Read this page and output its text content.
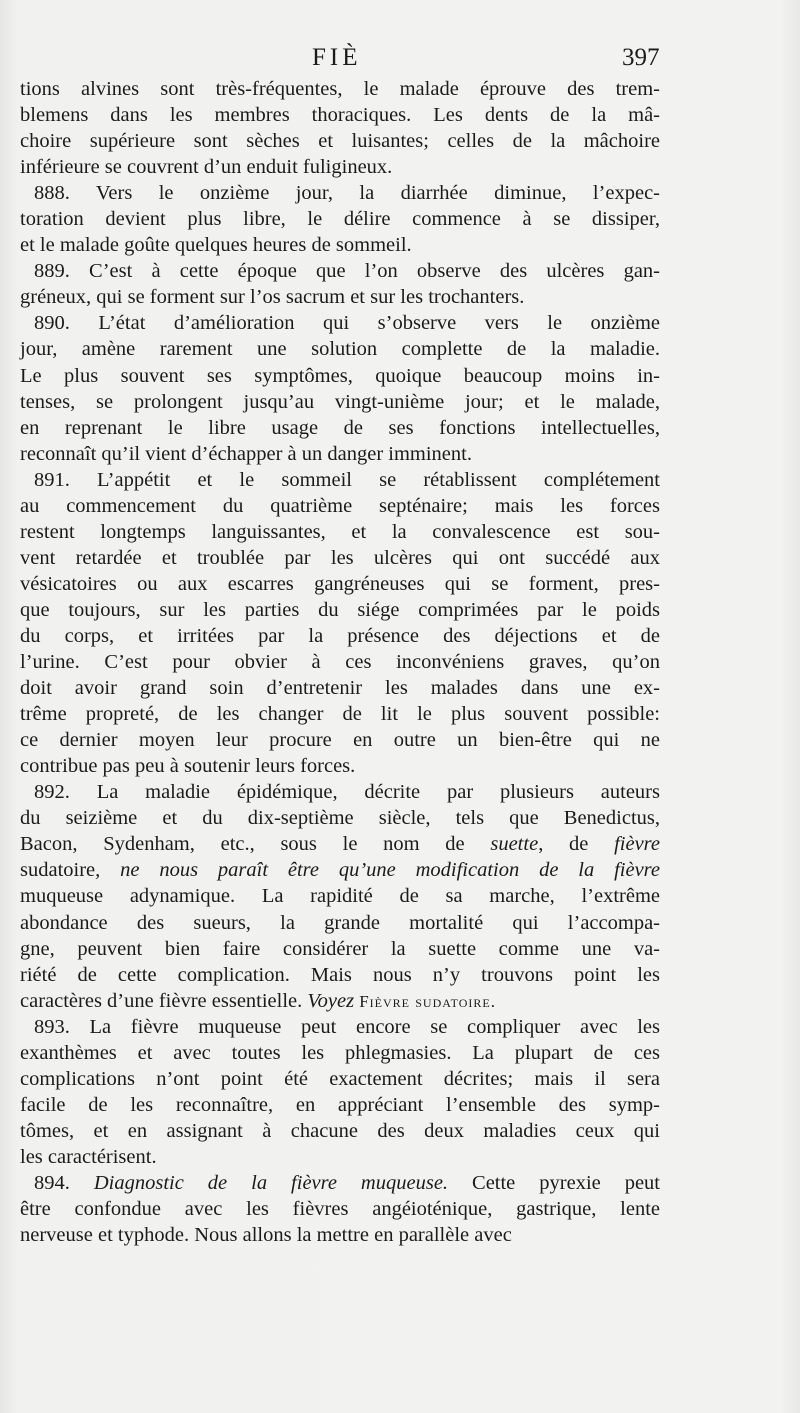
FIÈ	397
tions alvines sont très-fréquentes, le malade éprouve des trem-
blemens dans les membres thoraciques. Les dents de la mâ-
choire supérieure sont sèches et luisantes; celles de la mâchoire
inférieure se couvrent d’un enduit fuligineux.
888. Vers le onzième jour, la diarrhée diminue, l’expec-
toration devient plus libre, le délire commence à se dissiper,
et le malade goûte quelques heures de sommeil.
889. C’est à cette époque que l’on observe des ulcères gan-
gréneux, qui se forment sur l’os sacrum et sur les trochanters.
890. L’état d’amélioration qui s’observe vers le onzième
jour, amène rarement une solution complette de la maladie.
Le plus souvent ses symptômes, quoique beaucoup moins in-
tenses, se prolongent jusqu’au vingt-unième jour; et le malade,
en reprenant le libre usage de ses fonctions intellectuelles,
reconnaît qu’il vient d’échapper à un danger imminent.
891. L’appétit et le sommeil se rétablissent complétement
au commencement du quatrième septénaire; mais les forces
restent longtemps languissantes, et la convalescence est sou-
vent retardée et troublée par les ulcères qui ont succédé aux
vésicatoires ou aux escarres gangréneuses qui se forment, pres-
que toujours, sur les parties du siége comprimées par le poids
du corps, et irritées par la présence des déjections et de
l’urine. C’est pour obvier à ces inconvéniens graves, qu’on
doit avoir grand soin d’entretenir les malades dans une ex-
trême propreté, de les changer de lit le plus souvent possible:
ce dernier moyen leur procure en outre un bien-être qui ne
contribue pas peu à soutenir leurs forces.
892. La maladie épidémique, décrite par plusieurs auteurs
du seizième et du dix-septième siècle, tels que Benedictus,
Bacon, Sydenham, etc., sous le nom de suette, de fièvre
sudatoire, ne nous paraît être qu’une modification de la fièvre
muqueuse adynamique. La rapidité de sa marche, l’extrême
abondance des sueurs, la grande mortalité qui l’accompa-
gne, peuvent bien faire considérer la suette comme une va-
riété de cette complication. Mais nous n’y trouvons point les
caractères d’une fièvre essentielle. Voyez Fièvre sudatoire.
893. La fièvre muqueuse peut encore se compliquer avec les
exanthèmes et avec toutes les phlegmasies. La plupart de ces
complications n’ont point été exactement décrites; mais il sera
facile de les reconnaître, en appréciant l’ensemble des symp-
tômes, et en assignant à chacune des deux maladies ceux qui
les caractérisent.
894. Diagnostic de la fièvre muqueuse. Cette pyrexie peut
être confondue avec les fièvres angéioténique, gastrique, lente
nerveuse et typhode. Nous allons la mettre en parallèle avec
